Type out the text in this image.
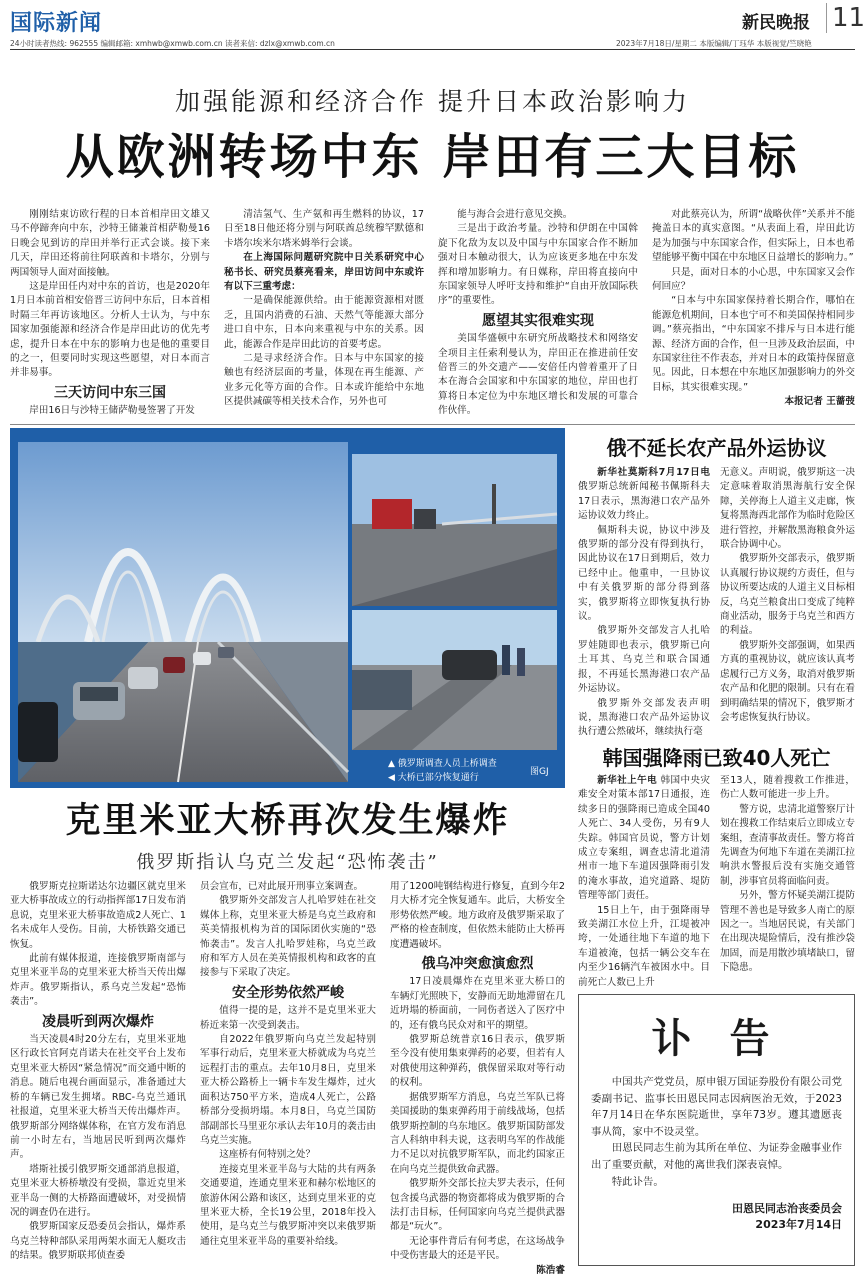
国际新闻	新民晚报 11
24小时读者热线: 962555 编辑邮箱: xmhwb@xmwb.com.cn 读者来信: dzlx@xmwb.com.cn	2023年7月18日/星期二 本版编辑/丁珏华 本版视觉/竺晓艳
加强能源和经济合作 提升日本政治影响力
从欧洲转场中东 岸田有三大目标

刚刚结束访欧行程的日本首相岸田文雄又马不停蹄奔向中东，沙特王储兼首相萨勒曼16日晚会见到访的岸田并举行正式会谈。接下来几天，岸田还将前往阿联酋和卡塔尔，分别与两国领导人面对面接触。

这是岸田任内对中东的首访，也是2020年1月日本前首相安倍晋三访问中东后，日本首相时隔三年再访该地区。分析人士认为，与中东国家加强能源和经济合作是岸田此访的优先考虑，提升日本在中东的影响力也是他的重要目的之一，但要同时实现这些愿望，对日本而言并非易事。

三天访问中东三国

岸田16日与沙特王储萨勒曼签署了开发

清洁氢气、生产氨和再生燃料的协议，17日至18日他还将分别与阿联酋总统穆罕默德和卡塔尔埃米尔塔米姆举行会谈。

在上海国际问题研究院中日关系研究中心秘书长、研究员蔡亮看来，岸田访问中东或许有以下三重考虑：

一是确保能源供给。由于能源资源相对匮乏，且国内消费的石油、天然气等能源大部分进口自中东，日本向来重视与中东的关系。因此，能源合作是岸田此访的首要考虑。

二是寻求经济合作。日本与中东国家的接触也有经济层面的考量，体现在再生能源、产业多元化等方面的合作。日本或许能给中东地区提供减碳等相关技术合作，另外也可

能与海合会进行意见交换。

三是出于政治考量。沙特和伊朗在中国斡旋下化敌为友以及中国与中东国家合作不断加强对日本触动很大，认为应该更多地在中东发挥和增加影响力。有日媒称，岸田将直接向中东国家领导人呼吁支持和维护“自由开放国际秩序”的重要性。

愿望其实很难实现

美国华盛顿中东研究所战略技术和网络安全项目主任索利曼认为，岸田正在推进前任安倍晋三的外交遗产——安倍任内曾着重开了日本在海合会国家和中东国家的地位，岸田也打算将日本定位为中东地区增长和发展的可靠合作伙伴。

对此蔡亮认为，所谓“战略伙伴”关系并不能掩盖日本的真实意图。“从表面上看，岸田此访是为加强与中东国家合作，但实际上，日本也希望能够平衡中国在中东地区日益增长的影响力。”

只是，面对日本的小心思，中东国家又会作何回应？

“日本与中东国家保持着长期合作，哪怕在能源危机期间，日本也宁可不和美国保持相同步调。”蔡亮指出，“中东国家不排斥与日本进行能源、经济方面的合作，但一旦涉及政治层面，中东国家往往不作表态，并对日本的政策持保留意见。因此，日本想在中东地区加强影响力的外交目标，其实很难实现。”

本报记者 王蔷弢
▲ 俄罗斯调查人员上桥调查
◀ 大桥已部分恢复通行
图GJ
俄不延长农产品外运协议

新华社莫斯科7月17日电 俄罗斯总统新闻秘书佩斯科夫17日表示，黑海港口农产品外运协议效力终止。

佩斯科夫说，协议中涉及俄罗斯的部分没有得到执行，因此协议在17日到期后，效力已经中止。他重申，一旦协议中有关俄罗斯的部分得到落实，俄罗斯将立即恢复执行协议。

俄罗斯外交部发言人扎哈罗娃随即也表示，俄罗斯已向土耳其、乌克兰和联合国通报，不再延长黑海港口农产品外运协议。

俄罗斯外交部发表声明说，黑海港口农产品外运协议执行遭公然破坏，继续执行毫

无意义。声明说，俄罗斯这一决定意味着取消黑海航行安全保障，关停海上人道主义走廊，恢复将黑海西北部作为临时危险区进行管控，并解散黑海粮食外运联合协调中心。

俄罗斯外交部表示，俄罗斯认真履行协议规约方责任，但与协议所要达成的人道主义目标相反，乌克兰粮食出口变成了纯粹商业活动，服务于乌克兰和西方的利益。

俄罗斯外交部强调，如果西方真的重视协议，就应该认真考虑履行己方义务，取消对俄罗斯农产品和化肥的限制。只有在看到明确结果的情况下，俄罗斯才会考虑恢复执行协议。

韩国强降雨已致40人死亡

新华社上午电 韩国中央灾难安全对策本部17日通报，连续多日的强降雨已造成全国40人死亡、34人受伤，另有9人失踪。韩国官员说，警方计划成立专案组，调查忠清北道清州市一地下车道因强降雨引发的淹水事故，追究道路、堤防管理等部门责任。

15日上午，由于强降雨导致美湖江水位上升，江堤被冲垮，一处通往地下车道的地下车道被淹，包括一辆公交车在内至少16辆汽车被困水中。目前死亡人数已上升

至13人，随着搜救工作推进，伤亡人数可能进一步上升。

警方说，忠清北道警察厅计划在搜救工作结束后立即成立专案组，查清事故责任。警方将首先调查为何地下车道在美湖江拉响洪水警报后没有实施交通管制，涉事官员将面临问责。

另外，警方怀疑美湖江提防管理不善也是导致多人南亡的原因之一。当地居民说，有关部门在出现决堤险情后，没有推沙袋加固，而是用散沙填堵缺口，留下隐患。

克里米亚大桥再次发生爆炸
俄罗斯指认乌克兰发起“恐怖袭击”

俄罗斯克拉斯诺达尔边疆区就克里米亚大桥事故成立的行动指挥部17日发布消息说，克里米亚大桥事故造成2人死亡、1名未成年人受伤。目前，大桥铁路交通已恢复。

此前有媒体报道，连接俄罗斯南部与克里米亚半岛的克里米亚大桥当天传出爆炸声。俄罗斯指认，系乌克兰发起“恐怖袭击”。

凌晨听到两次爆炸

当天凌晨4时20分左右，克里米亚地区行政长官阿克肖诺夫在社交平台上发布克里米亚大桥因“紧急情况”而交通中断的消息。随后电视台画面显示，准备通过大桥的车辆已发生拥堵。RBC-乌克兰通讯社报道，克里米亚大桥当天传出爆炸声。俄罗斯部分网络媒体称，在官方发布消息前一小时左右，当地居民听到两次爆炸声。

塔斯社援引俄罗斯交通部消息报道，克里米亚大桥桥墩没有受损，靠近克里米亚半岛一侧的大桥路面遭破坏，对受损情况的调查仍在进行。

俄罗斯国家反恐委员会指认，爆炸系乌克兰特种部队采用两架水面无人艇攻击的结果。俄罗斯联邦侦查委

员会宣布，已对此展开刑事立案调查。

俄罗斯外交部发言人扎哈罗娃在社交媒体上称，克里米亚大桥是乌克兰政府和英美情报机构为首的国际团伙实施的“恐怖袭击”。发言人扎哈罗娃称，乌克兰政府和军方人员在美英情报机构和政客的直接参与下采取了决定。

安全形势依然严峻

值得一提的是，这并不是克里米亚大桥近来第一次受到袭击。

自2022年俄罗斯向乌克兰发起特别军事行动后，克里米亚大桥就成为乌克兰远程打击的重点。去年10月8日，克里米亚大桥公路桥上一辆卡车发生爆炸，过火面积达750平方米，造成4人死亡，公路桥部分受损坍塌。本月8日，乌克兰国防部副部长马里亚尔承认去年10月的袭击由乌克兰实施。

这座桥有何特别之处？

连接克里米亚半岛与大陆的共有两条交通要道，连通克里米亚和赫尔松地区的旅游休闲公路和该区，达到克里米亚的克里米亚大桥，全长19公里，2018年投入使用，是乌克兰与俄罗斯冲突以来俄罗斯通往克里米亚半岛的重要补给线。

用了1200吨钢结构进行修复，直到今年2月大桥才完全恢复通车。此后，大桥安全形势依然严峻。地方政府及俄罗斯采取了严格的检查制度，但依然未能防止大桥再度遭遇破坏。

俄乌冲突愈演愈烈

17日凌晨爆炸在克里米亚大桥口的车辆灯光照映下，安静而无助地滞留在几近坍塌的桥面前，一同伤者送入了医疗中的，还有俄乌民众对和平的期望。

俄罗斯总统普京16日表示，俄罗斯至今没有使用集束弹药的必要，但若有人对俄使用这种弹药，俄保留采取对等行动的权利。

据俄罗斯军方消息，乌克兰军队已将美国援助的集束弹药用于前线战场，包括俄罗斯控制的乌东地区。俄罗斯国防部发言人科纳申科夫说，这表明乌军的作战能力不足以对抗俄罗斯军队，而北约国家正在向乌克兰提供致命武器。

俄罗斯外交部长拉夫罗夫表示，任何包含援乌武器的物资都将成为俄罗斯的合法打击目标，任何国家向乌克兰提供武器都是“玩火”。

无论事件背后有何考虑，在这场战争中受伤害最大的还是平民。

陈浩睿
讣 告
中国共产党党员，原申银万国证券股份有限公司党委副书记、监事长田恩民同志因病医治无效，于2023年7月14日在华东医院逝世，享年73岁。遵其遗愿丧事从简，家中不设灵堂。
田恩民同志生前为其所在单位、为证券金融事业作出了重要贡献，对他的离世我们深表哀悼。
特此讣告。
田恩民同志治丧委员会
2023年7月14日
